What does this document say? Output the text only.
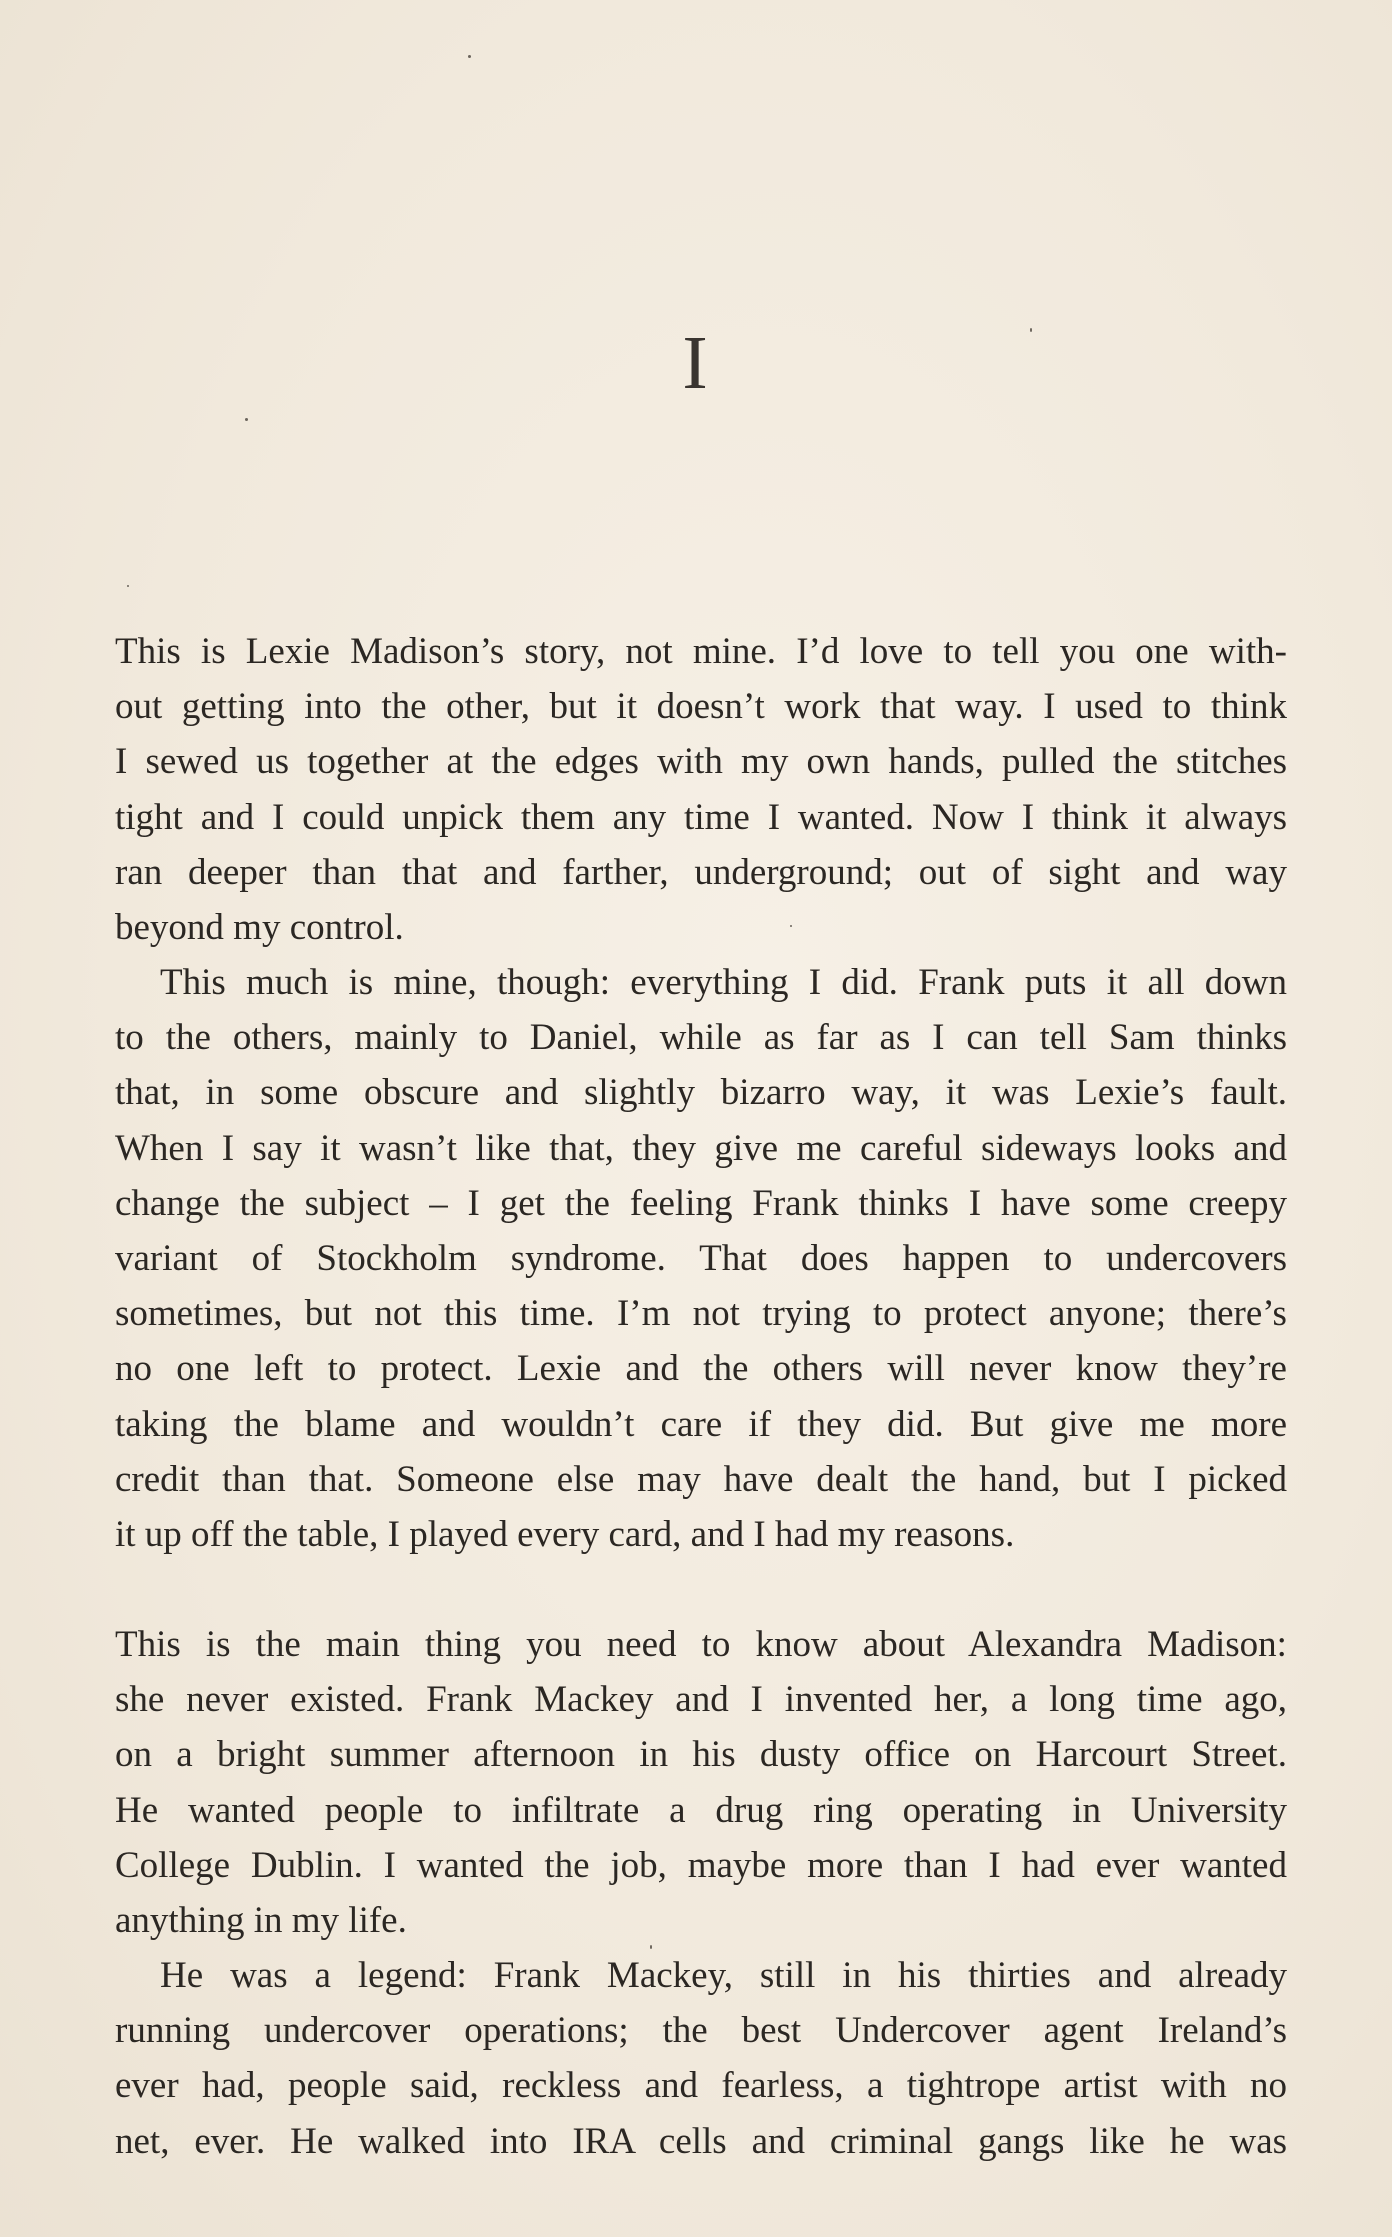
I
This is Lexie Madison’s story, not mine. I’d love to tell you one with-
out getting into the other, but it doesn’t work that way. I used to think
I sewed us together at the edges with my own hands, pulled the stitches
tight and I could unpick them any time I wanted. Now I think it always
ran deeper than that and farther, underground; out of sight and way
beyond my control.
This much is mine, though: everything I did. Frank puts it all down
to the others, mainly to Daniel, while as far as I can tell Sam thinks
that, in some obscure and slightly bizarro way, it was Lexie’s fault.
When I say it wasn’t like that, they give me careful sideways looks and
change the subject – I get the feeling Frank thinks I have some creepy
variant of Stockholm syndrome. That does happen to undercovers
sometimes, but not this time. I’m not trying to protect anyone; there’s
no one left to protect. Lexie and the others will never know they’re
taking the blame and wouldn’t care if they did. But give me more
credit than that. Someone else may have dealt the hand, but I picked
it up off the table, I played every card, and I had my reasons.
This is the main thing you need to know about Alexandra Madison:
she never existed. Frank Mackey and I invented her, a long time ago,
on a bright summer afternoon in his dusty office on Harcourt Street.
He wanted people to infiltrate a drug ring operating in University
College Dublin. I wanted the job, maybe more than I had ever wanted
anything in my life.
He was a legend: Frank Mackey, still in his thirties and already
running undercover operations; the best Undercover agent Ireland’s
ever had, people said, reckless and fearless, a tightrope artist with no
net, ever. He walked into IRA cells and criminal gangs like he was
